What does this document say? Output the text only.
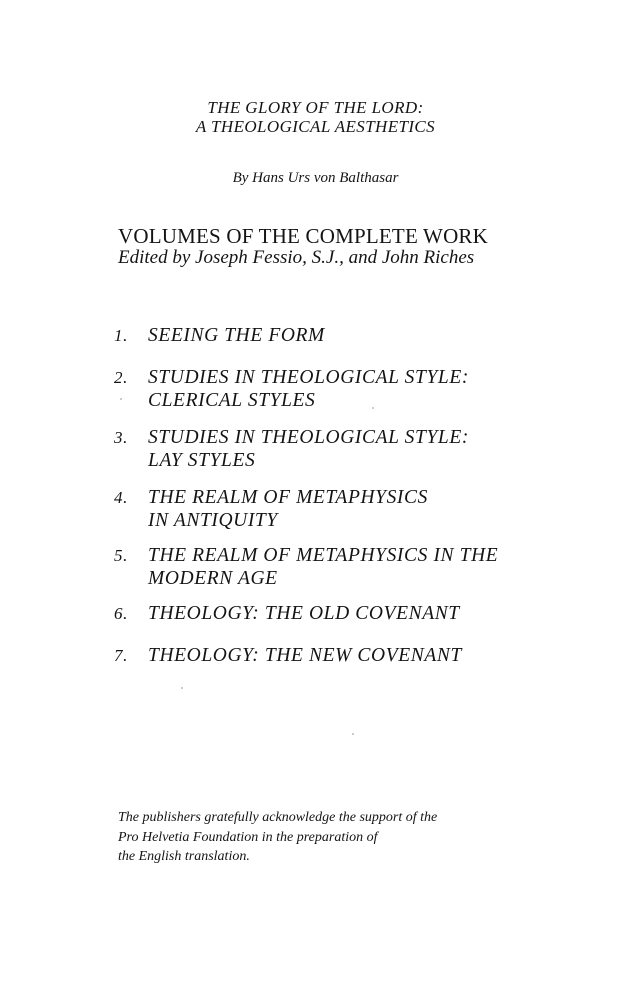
THE GLORY OF THE LORD:
A THEOLOGICAL AESTHETICS
By Hans Urs von Balthasar
VOLUMES OF THE COMPLETE WORK
Edited by Joseph Fessio, S.J., and John Riches
1.	SEEING THE FORM
2.	STUDIES IN THEOLOGICAL STYLE:
CLERICAL STYLES
3.	STUDIES IN THEOLOGICAL STYLE:
LAY STYLES
4.	THE REALM OF METAPHYSICS
IN ANTIQUITY
5.	THE REALM OF METAPHYSICS IN THE
MODERN AGE
6.	THEOLOGY: THE OLD COVENANT
7.	THEOLOGY: THE NEW COVENANT
The publishers gratefully acknowledge the support of the
Pro Helvetia Foundation in the preparation of
the English translation.
